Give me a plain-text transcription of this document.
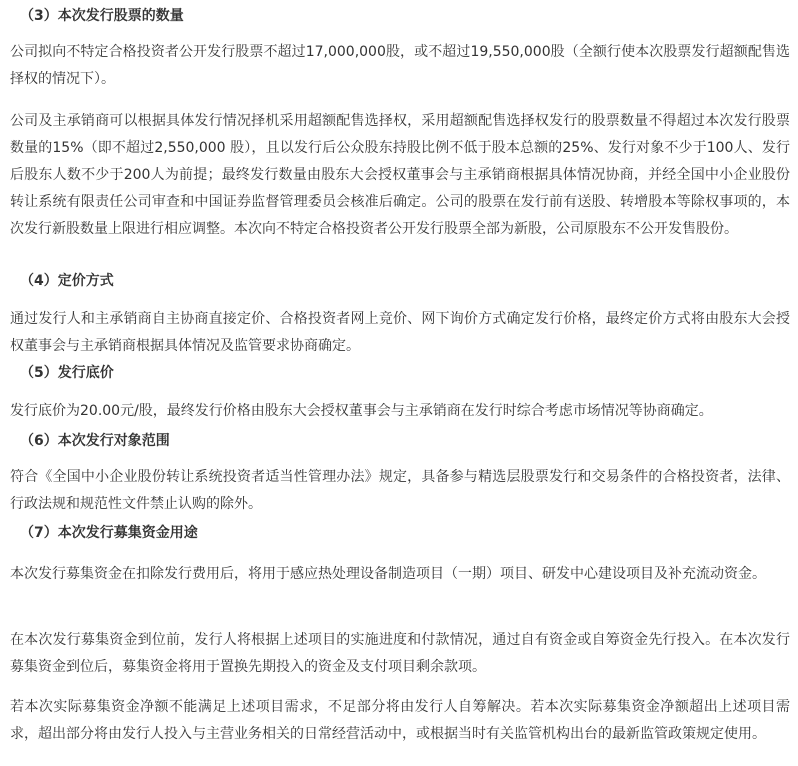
（3）本次发行股票的数量

公司拟向不特定合格投资者公开发行股票不超过17,000,000股，或不超过19,550,000股（全额行使本次股票发行超额配售选择权的情况下）。

公司及主承销商可以根据具体发行情况择机采用超额配售选择权，采用超额配售选择权发行的股票数量不得超过本次发行股票数量的15%（即不超过2,550,000 股），且以发行后公众股东持股比例不低于股本总额的25%、发行对象不少于100人、发行后股东人数不少于200人为前提；最终发行数量由股东大会授权董事会与主承销商根据具体情况协商，并经全国中小企业股份转让系统有限责任公司审查和中国证券监督管理委员会核准后确定。公司的股票在发行前有送股、转增股本等除权事项的，本次发行新股数量上限进行相应调整。本次向不特定合格投资者公开发行股票全部为新股，公司原股东不公开发售股份。

（4）定价方式

通过发行人和主承销商自主协商直接定价、合格投资者网上竞价、网下询价方式确定发行价格，最终定价方式将由股东大会授权董事会与主承销商根据具体情况及监管要求协商确定。

（5）发行底价

发行底价为20.00元/股，最终发行价格由股东大会授权董事会与主承销商在发行时综合考虑市场情况等协商确定。

（6）本次发行对象范围

符合《全国中小企业股份转让系统投资者适当性管理办法》规定，具备参与精选层股票发行和交易条件的合格投资者，法律、行政法规和规范性文件禁止认购的除外。

（7）本次发行募集资金用途

本次发行募集资金在扣除发行费用后，将用于感应热处理设备制造项目（一期）项目、研发中心建设项目及补充流动资金。

在本次发行募集资金到位前，发行人将根据上述项目的实施进度和付款情况，通过自有资金或自筹资金先行投入。在本次发行募集资金到位后，募集资金将用于置换先期投入的资金及支付项目剩余款项。

若本次实际募集资金净额不能满足上述项目需求，不足部分将由发行人自筹解决。若本次实际募集资金净额超出上述项目需求，超出部分将由发行人投入与主营业务相关的日常经营活动中，或根据当时有关监管机构出台的最新监管政策规定使用。
